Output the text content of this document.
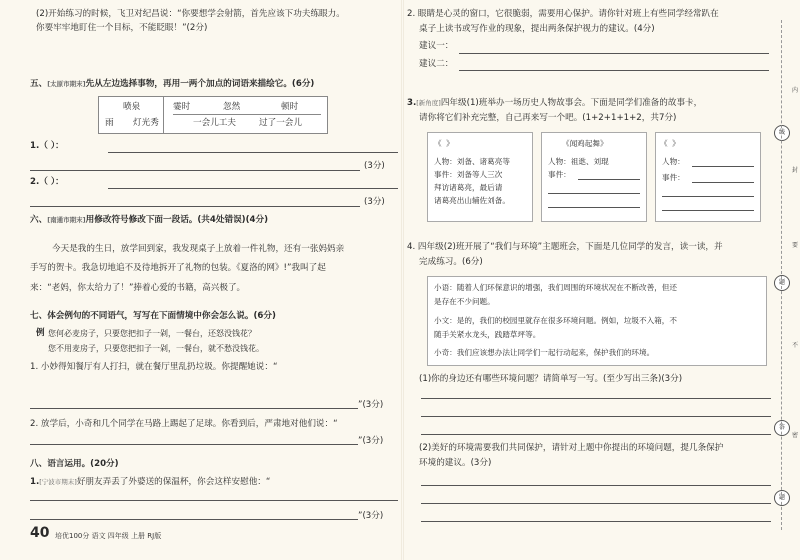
(2)开始练习的时候，飞卫对纪昌说：“你要想学会射箭，首先应该下功夫练眼力。
你要牢牢地盯住一个目标，不能眨眼！”(2分)
五、[太原市期末]先从左边选择事物，再用一两个加点的词语来描绘它。(6分)
喷泉	霎时	忽然	顿时
雨 灯光秀	一会儿工夫	过了一会儿
1.（ ）：
(3分)
2.（ ）：
(3分)
六、[南通市期末]用修改符号修改下面一段话。(共4处错误)(4分)
今天是我的生日，放学回到家，我发现桌子上放着一件礼物，还有一张妈妈亲
手写的贺卡。我急切地追不及待地拆开了礼物的包装。《夏洛的网》!”我叫了起
来：“老妈，你太给力了！”捧着心爱的书籍，高兴极了。
七、体会例句的不同语气，写写在下面情境中你会怎么说。(6分)
例 您何必麦房子，只要您把扣子一剁，一餐台，还怒没钱花？
您不用麦房子，只要您把扣子一剁，一餐台，就不愁没钱花。
1. 小妙得知餐厅有人打扫，就在餐厅里乱扔垃圾。你提醒她说：“
”(3分)
2. 放学后，小奇和几个同学在马路上踢起了足球。你看到后，严肃地对他们说：“
”(3分)
八、语言运用。(20分)
1.[宁波市期末]好朋友弄丢了外婆送的保温杯，你会这样安慰他：“
”(3分)
40 培优100分 语文 四年级 上册 RJ版
2. 眼睛是心灵的窗口，它很脆弱，需要用心保护。请你针对班上有些同学经常趴在
桌子上读书或写作业的现象，提出两条保护视力的建议。(4分)
建议一：
建议二：
3.[新角度]四年级(1)班举办一场历史人物故事会。下面是同学们准备的故事卡，
请你将它们补充完整，自己再来写一个吧。(1+2+1+1+2，共7分)
《 》
人物：刘备、诸葛亮等
事件：刘备等人三次
拜访诸葛亮，最后请
诸葛亮出山辅佐刘备。
《闻鸡起舞》
人物：祖逖、刘琨
事件：
《 》
人物：
事件：
4. 四年级(2)班开展了“我们与环境”主题班会，下面是几位同学的发言，读一读，并
完成练习。(6分)
小语：随着人们环保意识的增强，我们周围的环境状况在不断改善，但还
是存在不少问题。
小文：是的，我们的校园里就存在很多环境问题。例如，垃圾不入箱，不
随手关紧水龙头，践踏草坪等。
小奇：我们应该想办法让同学们一起行动起来，保护我们的环境。
(1)你的身边还有哪些环境问题？请简单写一写。(至少写出三条)(3分)
(2)美好的环境需要我们共同保护，请针对上题中你提出的环境问题，提几条保护
环境的建议。(3分)
线
题
答
题
内
封
要
不
密
